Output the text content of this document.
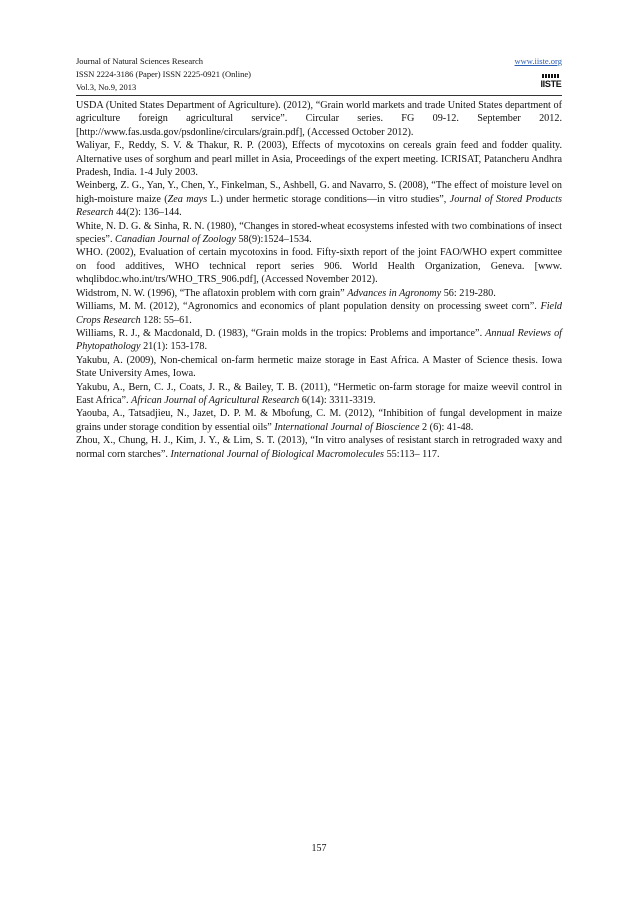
Journal of Natural Sciences Research	www.iiste.org
ISSN 2224-3186 (Paper) ISSN 2225-0921 (Online)
Vol.3, No.9, 2013	IISTE

USDA (United States Department of Agriculture). (2012), “Grain world markets and trade United States department of agriculture foreign agricultural service”. Circular series. FG 09-12. September 2012. [http://www.fas.usda.gov/psdonline/circulars/grain.pdf], (Accessed October 2012).

Waliyar, F., Reddy, S. V. & Thakur, R. P. (2003), Effects of mycotoxins on cereals grain feed and fodder quality. Alternative uses of sorghum and pearl millet in Asia, Proceedings of the expert meeting. ICRISAT, Patancheru Andhra Pradesh, India. 1-4 July 2003.

Weinberg, Z. G., Yan, Y., Chen, Y., Finkelman, S., Ashbell, G. and Navarro, S. (2008), “The effect of moisture level on high-moisture maize (Zea mays L.) under hermetic storage conditions—in vitro studies”, Journal of Stored Products Research 44(2): 136–144.

White, N. D. G. & Sinha, R. N. (1980), “Changes in stored-wheat ecosystems infested with two combinations of insect species”. Canadian Journal of Zoology 58(9):1524–1534.

WHO. (2002), Evaluation of certain mycotoxins in food. Fifty-sixth report of the joint FAO/WHO expert committee on food additives, WHO technical report series 906. World Health Organization, Geneva. [www. whqlibdoc.who.int/trs/WHO_TRS_906.pdf], (Accessed November 2012).

Widstrom, N. W. (1996), “The aflatoxin problem with corn grain” Advances in Agronomy 56: 219-280.

Williams, M. M. (2012), “Agronomics and economics of plant population density on processing sweet corn”. Field Crops Research 128: 55–61.

Williams, R. J., & Macdonald, D. (1983), “Grain molds in the tropics: Problems and importance”. Annual Reviews of Phytopathology 21(1): 153-178.

Yakubu, A. (2009), Non-chemical on-farm hermetic maize storage in East Africa. A Master of Science thesis. Iowa State University Ames, Iowa.

Yakubu, A., Bern, C. J., Coats, J. R., & Bailey, T. B. (2011), “Hermetic on-farm storage for maize weevil control in East Africa”. African Journal of Agricultural Research 6(14): 3311-3319.

Yaouba, A., Tatsadjieu, N., Jazet, D. P. M. & Mbofung, C. M. (2012), “Inhibition of fungal development in maize grains under storage condition by essential oils” International Journal of Bioscience 2 (6): 41-48.

Zhou, X., Chung, H. J., Kim, J. Y., & Lim, S. T. (2013), “In vitro analyses of resistant starch in retrograded waxy and normal corn starches”. International Journal of Biological Macromolecules 55:113– 117.

157
